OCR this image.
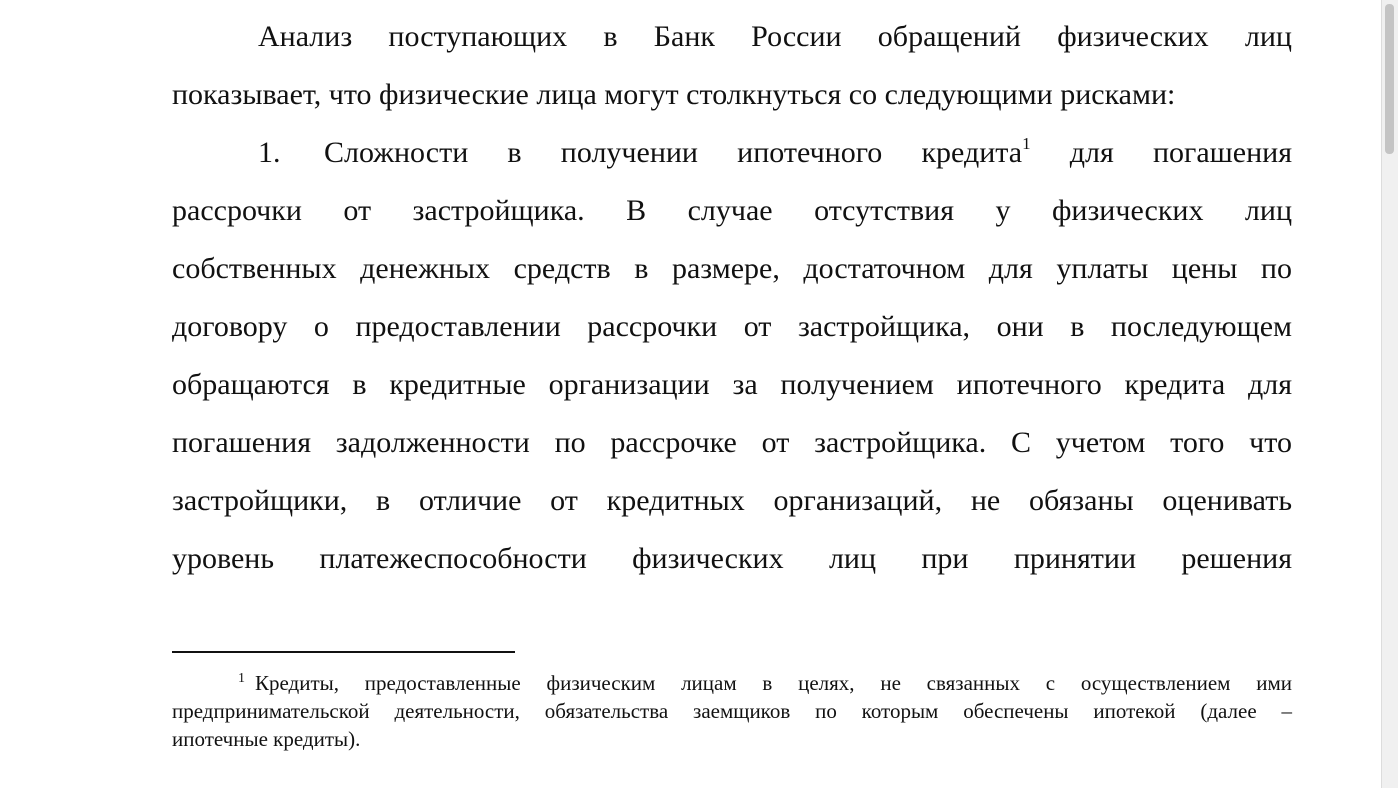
Анализ поступающих в Банк России обращений физических лиц
показывает, что физические лица могут столкнуться со следующими рисками:
1. Сложности в получении ипотечного кредита$^1$ для погашения
рассрочки от застройщика. В случае отсутствия у физических лиц
собственных денежных средств в размере, достаточном для уплаты цены по
договору о предоставлении рассрочки от застройщика, они в последующем
обращаются в кредитные организации за получением ипотечного кредита для
погашения задолженности по рассрочке от застройщика. С учетом того что
застройщики, в отличие от кредитных организаций, не обязаны оценивать
уровень платежеспособности физических лиц при принятии решения
$^1$ Кредиты, предоставленные физическим лицам в целях, не связанных с осуществлением ими
предпринимательской деятельности, обязательства заемщиков по которым обеспечены ипотекой (далее –
ипотечные кредиты).
